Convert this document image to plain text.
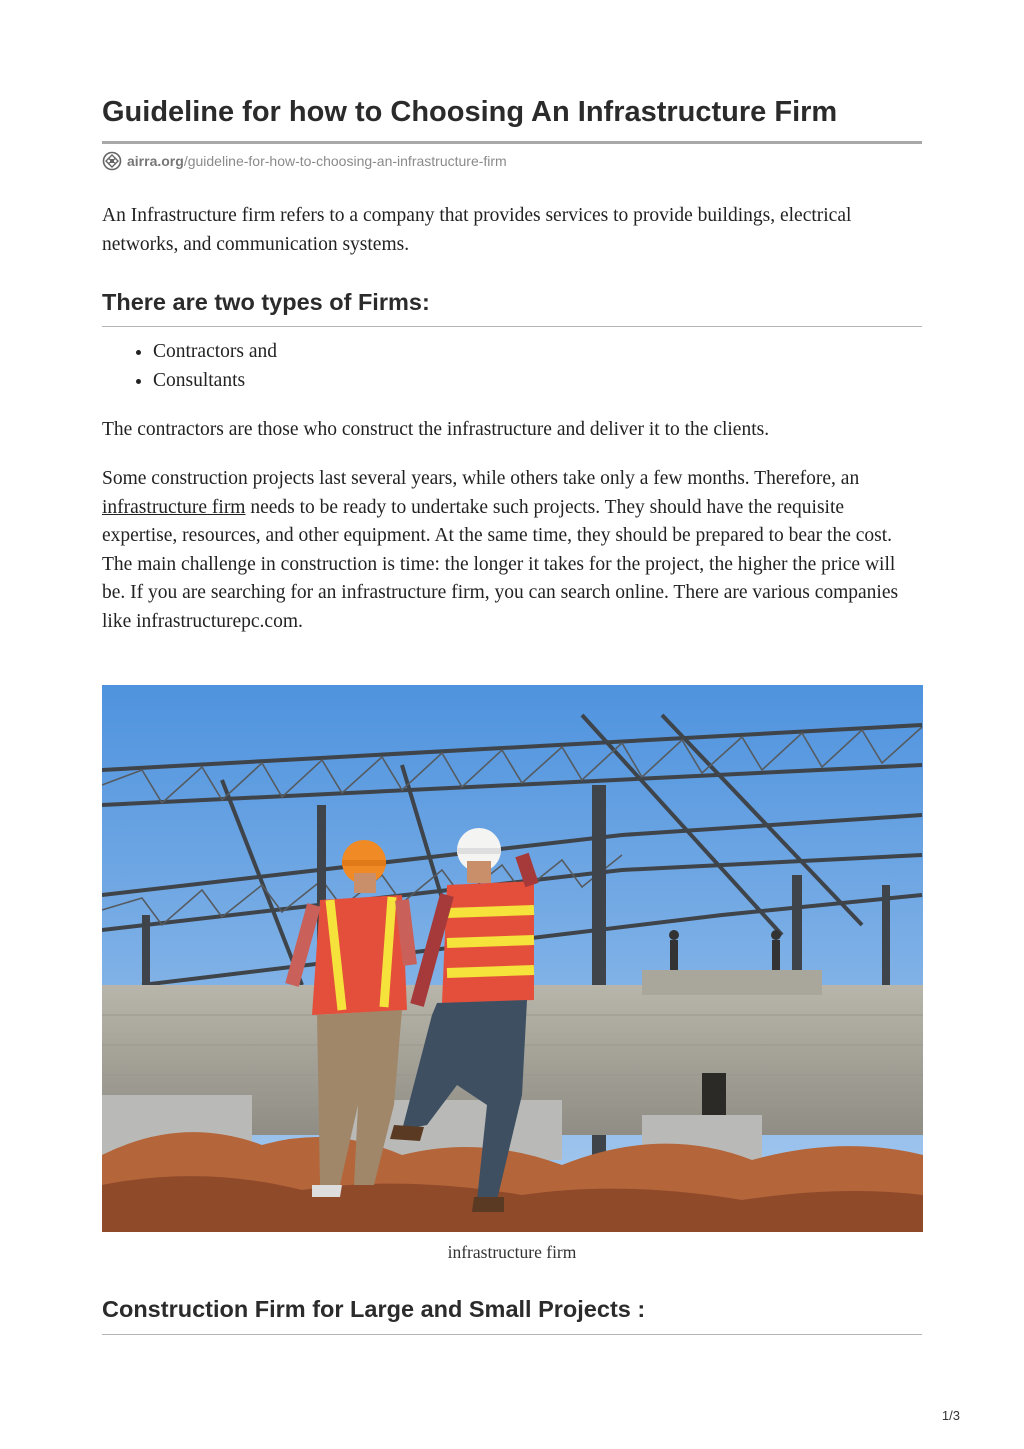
Guideline for how to Choosing An Infrastructure Firm
airra.org /guideline-for-how-to-choosing-an-infrastructure-firm

An Infrastructure firm refers to a company that provides services to provide buildings, electrical networks, and communication systems.

There are two types of Firms:
• Contractors and
• Consultants

The contractors are those who construct the infrastructure and deliver it to the clients.

Some construction projects last several years, while others take only a few months. Therefore, an infrastructure firm needs to be ready to undertake such projects. They should have the requisite expertise, resources, and other equipment. At the same time, they should be prepared to bear the cost. The main challenge in construction is time: the longer it takes for the project, the higher the price will be. If you are searching for an infrastructure firm, you can search online. There are various companies like infrastructurepc.com.

infrastructure firm
Construction Firm for Large and Small Projects :
1/3
